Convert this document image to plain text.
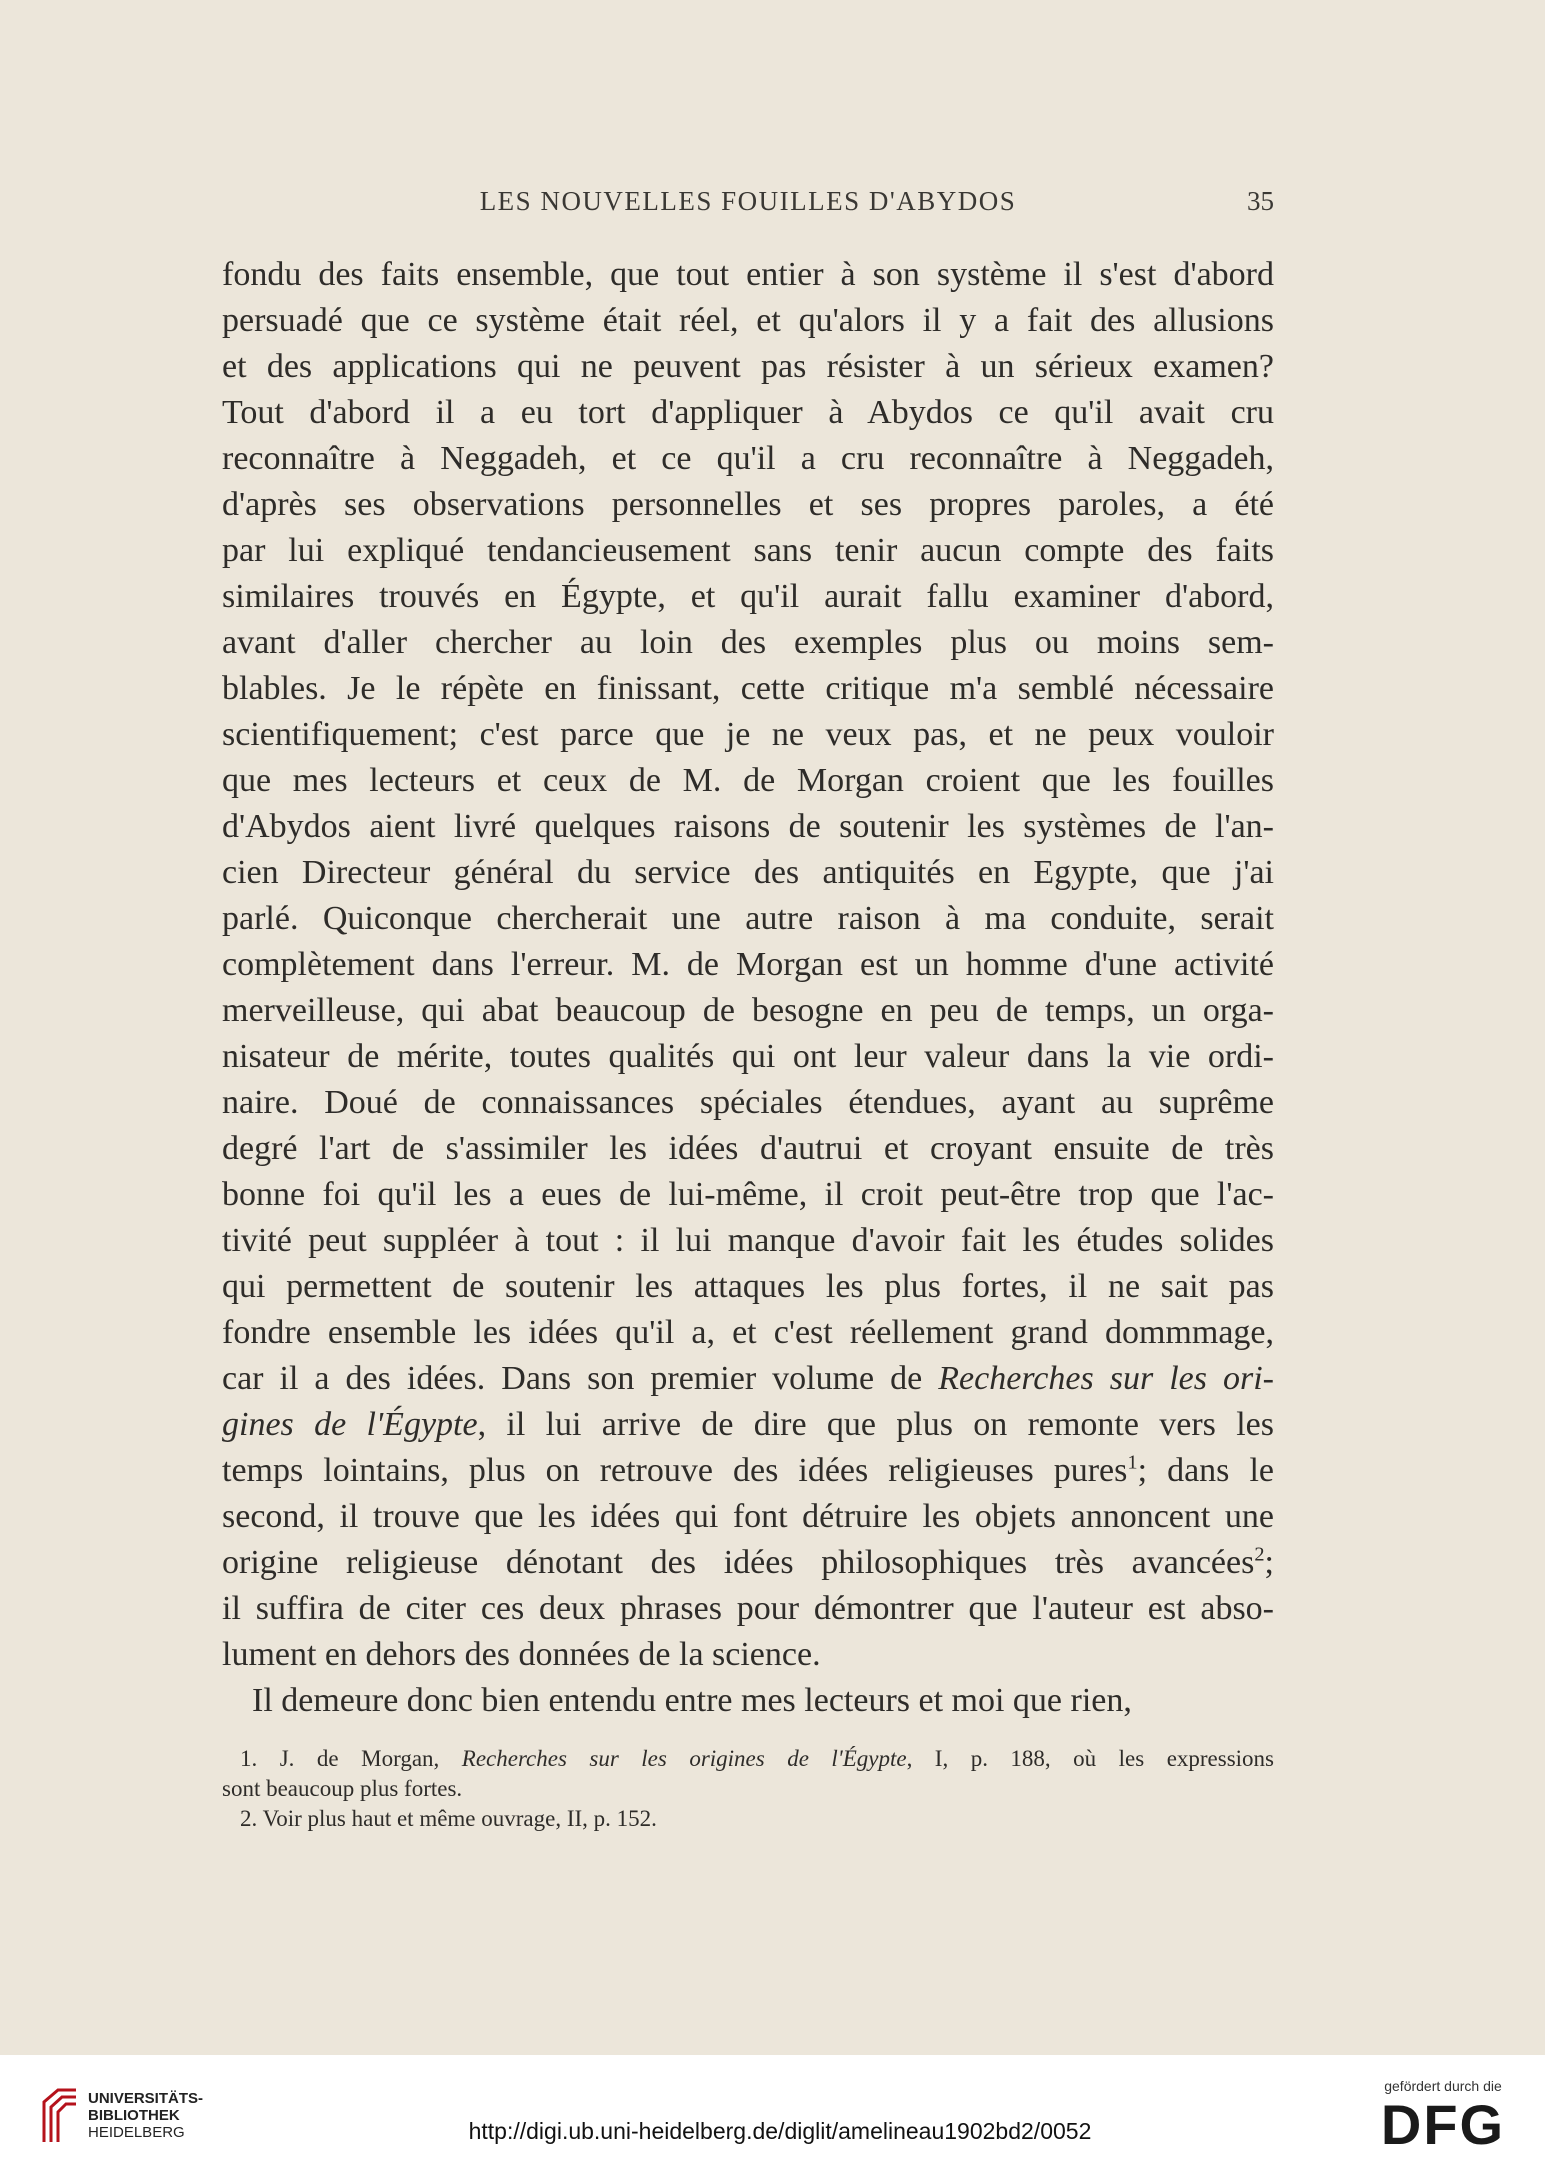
LES NOUVELLES FOUILLES D'ABYDOS	35
fondu des faits ensemble, que tout entier à son système il s'est d'abord
persuadé que ce système était réel, et qu'alors il y a fait des allusions
et des applications qui ne peuvent pas résister à un sérieux examen?
Tout d'abord il a eu tort d'appliquer à Abydos ce qu'il avait cru
reconnaître à Neggadeh, et ce qu'il a cru reconnaître à Neggadeh,
d'après ses observations personnelles et ses propres paroles, a été
par lui expliqué tendancieusement sans tenir aucun compte des faits
similaires trouvés en Égypte, et qu'il aurait fallu examiner d'abord,
avant d'aller chercher au loin des exemples plus ou moins sem-
blables. Je le répète en finissant, cette critique m'a semblé nécessaire
scientifiquement; c'est parce que je ne veux pas, et ne peux vouloir
que mes lecteurs et ceux de M. de Morgan croient que les fouilles
d'Abydos aient livré quelques raisons de soutenir les systèmes de l'an-
cien Directeur général du service des antiquités en Egypte, que j'ai
parlé. Quiconque chercherait une autre raison à ma conduite, serait
complètement dans l'erreur. M. de Morgan est un homme d'une activité
merveilleuse, qui abat beaucoup de besogne en peu de temps, un orga-
nisateur de mérite, toutes qualités qui ont leur valeur dans la vie ordi-
naire. Doué de connaissances spéciales étendues, ayant au suprême
degré l'art de s'assimiler les idées d'autrui et croyant ensuite de très
bonne foi qu'il les a eues de lui-même, il croit peut-être trop que l'ac-
tivité peut suppléer à tout : il lui manque d'avoir fait les études solides
qui permettent de soutenir les attaques les plus fortes, il ne sait pas
fondre ensemble les idées qu'il a, et c'est réellement grand dommmage,
car il a des idées. Dans son premier volume de Recherches sur les ori-
gines de l'Égypte, il lui arrive de dire que plus on remonte vers les
temps lointains, plus on retrouve des idées religieuses pures$^1$; dans le
second, il trouve que les idées qui font détruire les objets annoncent une
origine religieuse dénotant des idées philosophiques très avancées$^2$;
il suffira de citer ces deux phrases pour démontrer que l'auteur est abso-
lument en dehors des données de la science.
Il demeure donc bien entendu entre mes lecteurs et moi que rien,
1. J. de Morgan, Recherches sur les origines de l'Égypte, I, p. 188, où les expressions
sont beaucoup plus fortes.
2. Voir plus haut et même ouvrage, II, p. 152.
UNIVERSITÄTS-
BIBLIOTHEK
HEIDELBERG	http://digi.ub.uni-heidelberg.de/diglit/amelineau1902bd2/0052
gefördert durch die
DFG
